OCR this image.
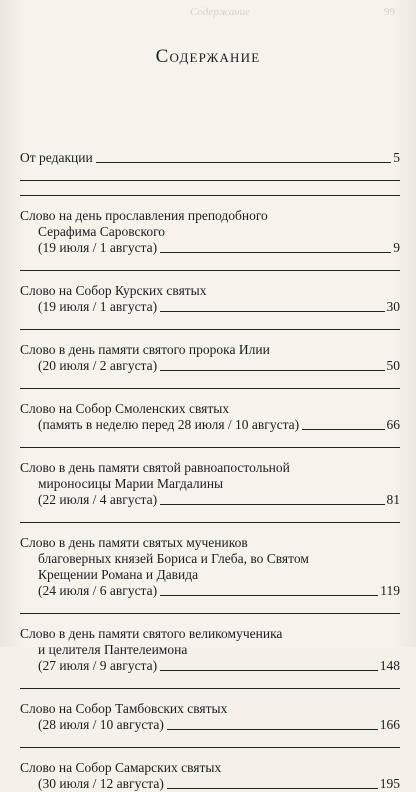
Содержание	99
Содержание
От редакции	5
Слово на день прославления преподобного
Серафима Саровского
(19 июля / 1 августа)	9
Слово на Собор Курских святых
(19 июля / 1 августа)	30
Слово в день памяти святого пророка Илии
(20 июля / 2 августа)	50
Слово на Собор Смоленских святых
(память в неделю перед 28 июля / 10 августа)	66
Слово в день памяти святой равноапостольной
мироносицы Марии Магдалины
(22 июля / 4 августа)	81
Слово в день памяти святых мучеников
благоверных князей Бориса и Глеба, во Святом
Крещении Романа и Давида
(24 июля / 6 августа)	119
Слово в день памяти святого великомученика
и целителя Пантелеимона
(27 июля / 9 августа)	148
Слово на Собор Тамбовских святых
(28 июля / 10 августа)	166
Слово на Собор Самарских святых
(30 июля / 12 августа)	195
